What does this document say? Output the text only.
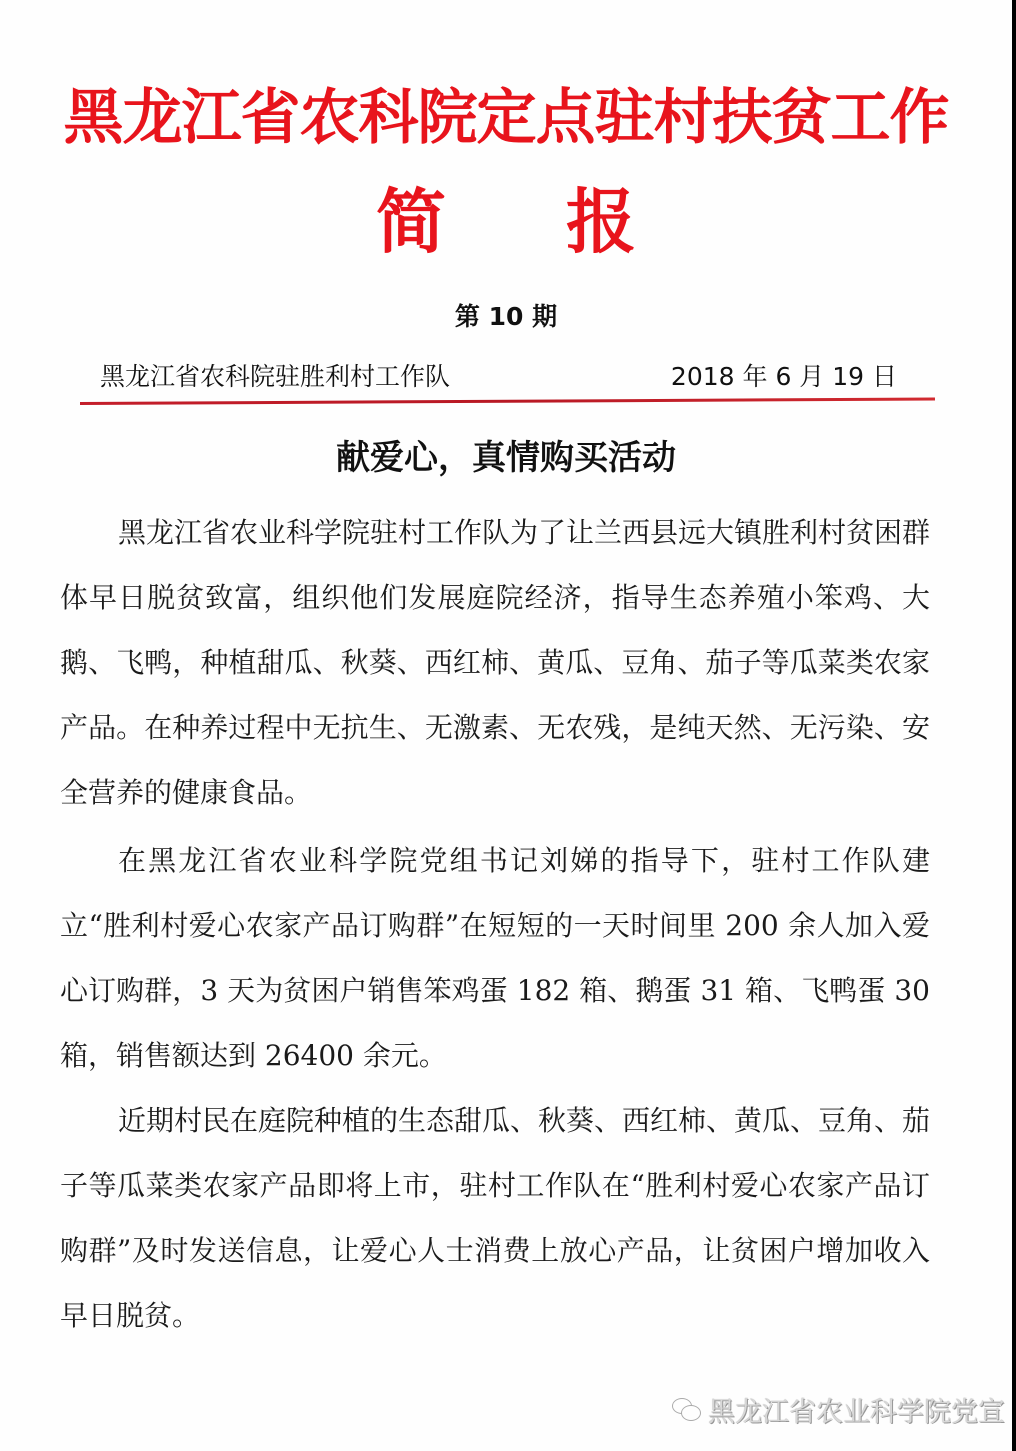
黑龙江省农科院定点驻村扶贫工作
简 报
第 10 期
黑龙江省农科院驻胜利村工作队	2018 年 6 月 19 日
献爱心，真情购买活动

黑龙江省农业科学院驻村工作队为了让兰西县远大镇胜利村贫困群体早日脱贫致富，组织他们发展庭院经济，指导生态养殖小笨鸡、大鹅、飞鸭，种植甜瓜、秋葵、西红柿、黄瓜、豆角、茄子等瓜菜类农家产品。在种养过程中无抗生、无激素、无农残，是纯天然、无污染、安全营养的健康食品。

在黑龙江省农业科学院党组书记刘娣的指导下，驻村工作队建立“胜利村爱心农家产品订购群”在短短的一天时间里 200 余人加入爱心订购群，3 天为贫困户销售笨鸡蛋 182 箱、鹅蛋 31 箱、飞鸭蛋 30 箱，销售额达到 26400 余元。

近期村民在庭院种植的生态甜瓜、秋葵、西红柿、黄瓜、豆角、茄子等瓜菜类农家产品即将上市，驻村工作队在“胜利村爱心农家产品订购群”及时发送信息，让爱心人士消费上放心产品，让贫困户增加收入早日脱贫。

黑龙江省农业科学院党宣
